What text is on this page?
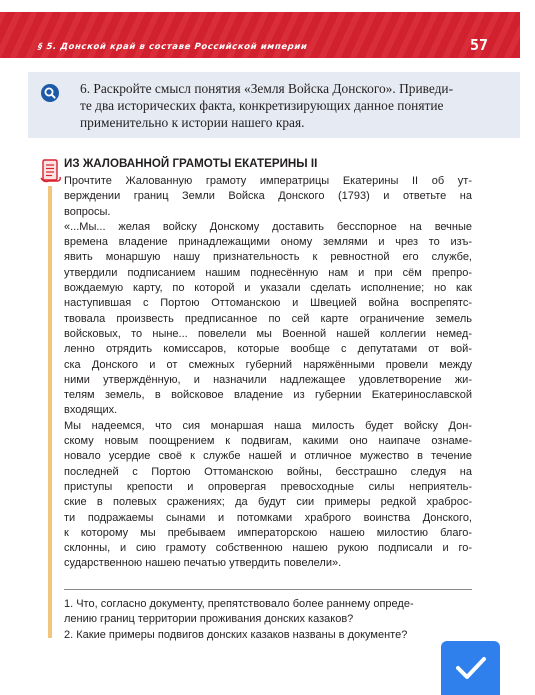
§ 5. Донской край в составе Российской империи	57
6. Раскройте смысл понятия «Земля Войска Донского». Приведи-
те два исторических факта, конкретизирующих данное понятие
применительно к истории нашего края.
ИЗ ЖАЛОВАННОЙ ГРАМОТЫ ЕКАТЕРИНЫ II
Прочтите Жалованную грамоту императрицы Екатерины II об ут-
верждении границ Земли Войска Донского (1793) и ответьте на
вопросы.
«...Мы... желая войску Донскому доставить бесспорное на вечные
времена владение принадлежащими оному землями и чрез то изъ-
явить монаршую нашу признательность к ревностной его службе,
утвердили подписанием нашим поднесённую нам и при сём препро-
вождаемую карту, по которой и указали сделать исполнение; но как
наступившая с Портою Оттоманскою и Швецией война воспрепятс-
твовала произвесть предписанное по сей карте ограничение земель
войсковых, то ныне... повелели мы Военной нашей коллегии немед-
ленно отрядить комиссаров, которые вообще с депутатами от вой-
ска Донского и от смежных губерний наряжёнными провели между
ними утверждённую, и назначили надлежащее удовлетворение жи-
телям земель, в войсковое владение из губернии Екатеринославской
входящих.
Мы надеемся, что сия монаршая наша милость будет войску Дон-
скому новым поощрением к подвигам, какими оно наипаче ознаме-
новало усердие своё к службе нашей и отличное мужество в течение
последней с Портою Оттоманскою войны, бесстрашно следуя на
приступы крепости и опровергая превосходные силы неприятель-
ские в полевых сражениях; да будут сии примеры редкой храброс-
ти подражаемы сынами и потомками храброго воинства Донского,
к которому мы пребываем императорскою нашею милостию благо-
склонны, и сию грамоту собственною нашею рукою подписали и го-
сударственною нашею печатью утвердить повелели».
1. Что, согласно документу, препятствовало более раннему опреде-
лению границ территории проживания донских казаков?
2. Какие примеры подвигов донских казаков названы в документе?
